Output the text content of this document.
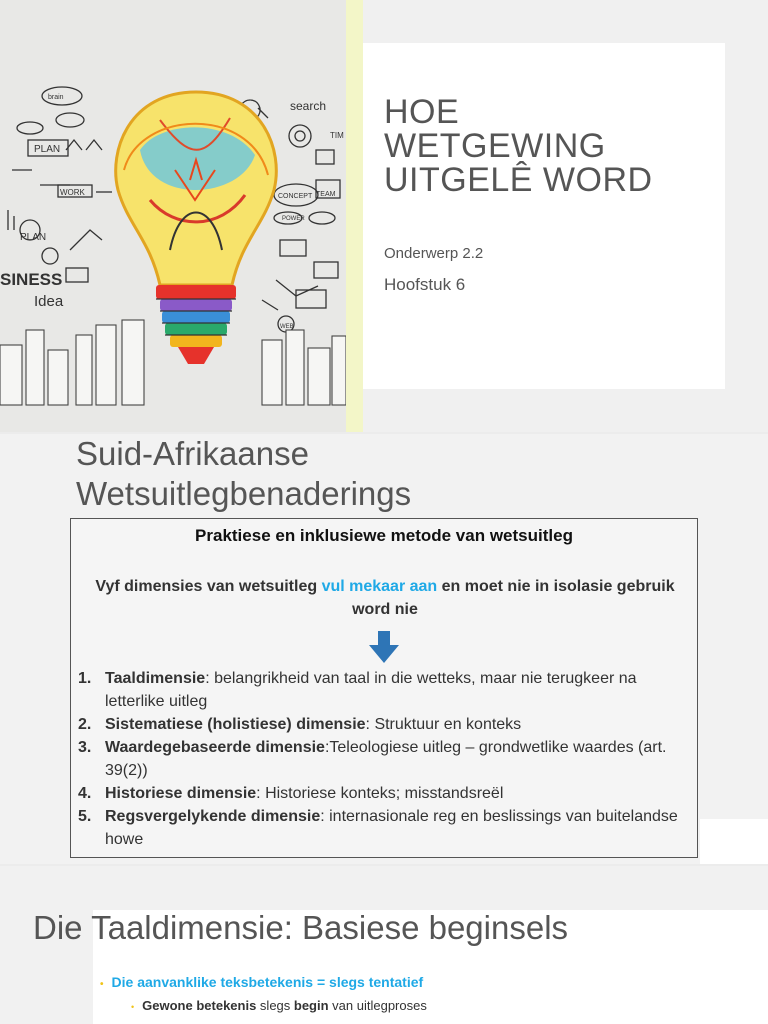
search
brain
PLAN
PLAN
SINESS
Idea
WORK	CONCEPT
POWER
TEAM
TIM
WEB
HOE
WETGEWING
UITGELÊ WORD
Onderwerp 2.2
Hoofstuk 6
Suid-Afrikaanse
Wetsuitlegbenaderings
Praktiese en inklusiewe metode van wetsuitleg
Vyf dimensies van wetsuitleg vul mekaar aan en moet nie in isolasie gebruik word nie
1. Taaldimensie: belangrikheid van taal in die wetteks, maar nie terugkeer na letterlike uitleg
2. Sistematiese (holistiese) dimensie: Struktuur en konteks
3. Waardegebaseerde dimensie:Teleologiese uitleg – grondwetlike waardes (art. 39(2))
4. Historiese dimensie: Historiese konteks; misstandsreël
5. Regsvergelykende dimensie: internasionale reg en beslissings van buitelandse howe
Die Taaldimensie: Basiese beginsels
• Die aanvanklike teksbetekenis = slegs tentatief
• Gewone betekenis slegs begin van uitlegproses
